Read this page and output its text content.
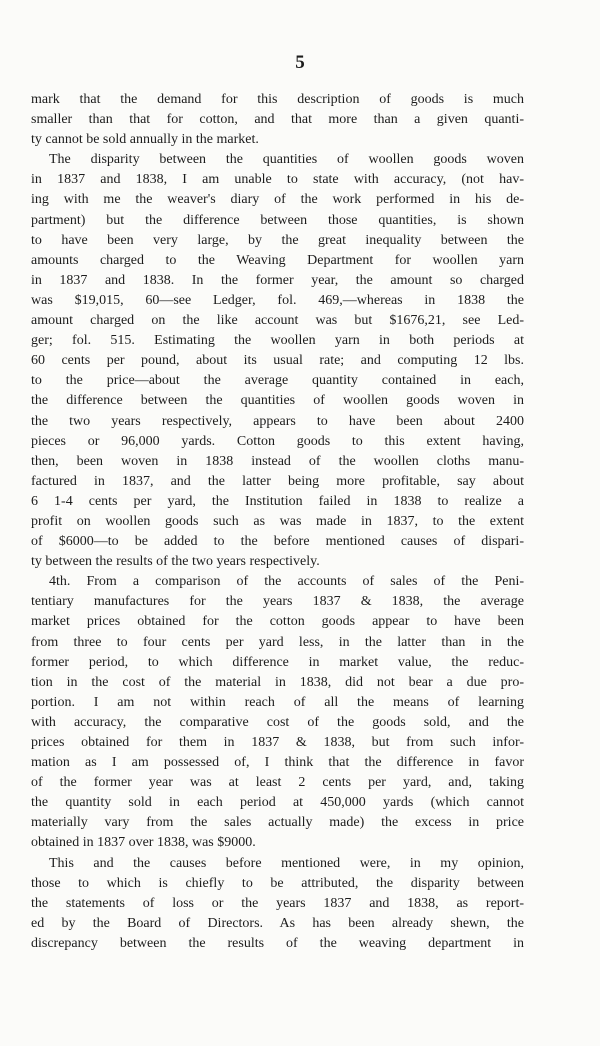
5
mark that the demand for this description of goods is much
smaller than that for cotton, and that more than a given quanti-
ty cannot be sold annually in the market.
The disparity between the quantities of woollen goods woven
in 1837 and 1838, I am unable to state with accuracy, (not hav-
ing with me the weaver's diary of the work performed in his de-
partment) but the difference between those quantities, is shown
to have been very large, by the great inequality between the
amounts charged to the Weaving Department for woollen yarn
in 1837 and 1838. In the former year, the amount so charged
was $19,015, 60—see Ledger, fol. 469,—whereas in 1838 the
amount charged on the like account was but $1676,21, see Led-
ger; fol. 515. Estimating the woollen yarn in both periods at
60 cents per pound, about its usual rate; and computing 12 lbs.
to the price—about the average quantity contained in each,
the difference between the quantities of woollen goods woven in
the two years respectively, appears to have been about 2400
pieces or 96,000 yards. Cotton goods to this extent having,
then, been woven in 1838 instead of the woollen cloths manu-
factured in 1837, and the latter being more profitable, say about
6 1-4 cents per yard, the Institution failed in 1838 to realize a
profit on woollen goods such as was made in 1837, to the extent
of $6000—to be added to the before mentioned causes of dispari-
ty between the results of the two years respectively.
4th. From a comparison of the accounts of sales of the Peni-
tentiary manufactures for the years 1837 & 1838, the average
market prices obtained for the cotton goods appear to have been
from three to four cents per yard less, in the latter than in the
former period, to which difference in market value, the reduc-
tion in the cost of the material in 1838, did not bear a due pro-
portion. I am not within reach of all the means of learning
with accuracy, the comparative cost of the goods sold, and the
prices obtained for them in 1837 & 1838, but from such infor-
mation as I am possessed of, I think that the difference in favor
of the former year was at least 2 cents per yard, and, taking
the quantity sold in each period at 450,000 yards (which cannot
materially vary from the sales actually made) the excess in price
obtained in 1837 over 1838, was $9000.
This and the causes before mentioned were, in my opinion,
those to which is chiefly to be attributed, the disparity between
the statements of loss or the years 1837 and 1838, as report-
ed by the Board of Directors. As has been already shewn, the
discrepancy between the results of the weaving department in
